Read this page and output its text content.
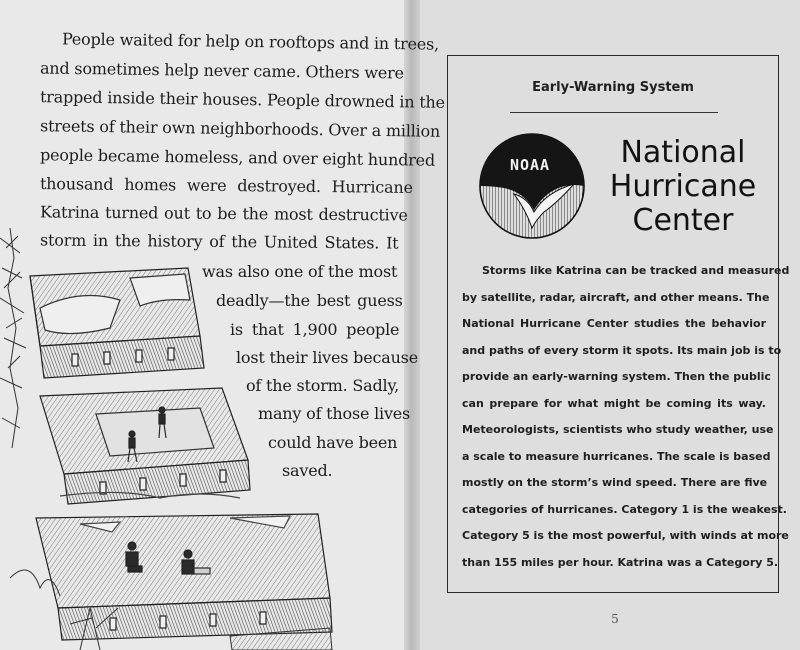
People waited for help on rooftops and in trees,
and sometimes help never came. Others were
trapped inside their houses. People drowned in the
streets of their own neighborhoods. Over a million
people became homeless, and over eight hundred
thousand homes were destroyed. Hurricane
Katrina turned out to be the most destructive
storm in the history of the United States. It
was also one of the most
deadly—the best guess
is that 1,900 people
lost their lives because
of the storm. Sadly,
many of those lives
could have been
saved.
Early-Warning System
NOAA	National
Hurricane
Center
Storms like Katrina can be tracked and measured
by satellite, radar, aircraft, and other means. The
National Hurricane Center studies the behavior
and paths of every storm it spots. Its main job is to
provide an early-warning system. Then the public
can prepare for what might be coming its way.
Meteorologists, scientists who study weather, use
a scale to measure hurricanes. The scale is based
mostly on the storm’s wind speed. There are five
categories of hurricanes. Category 1 is the weakest.
Category 5 is the most powerful, with winds at more
than 155 miles per hour. Katrina was a Category 5.
5
